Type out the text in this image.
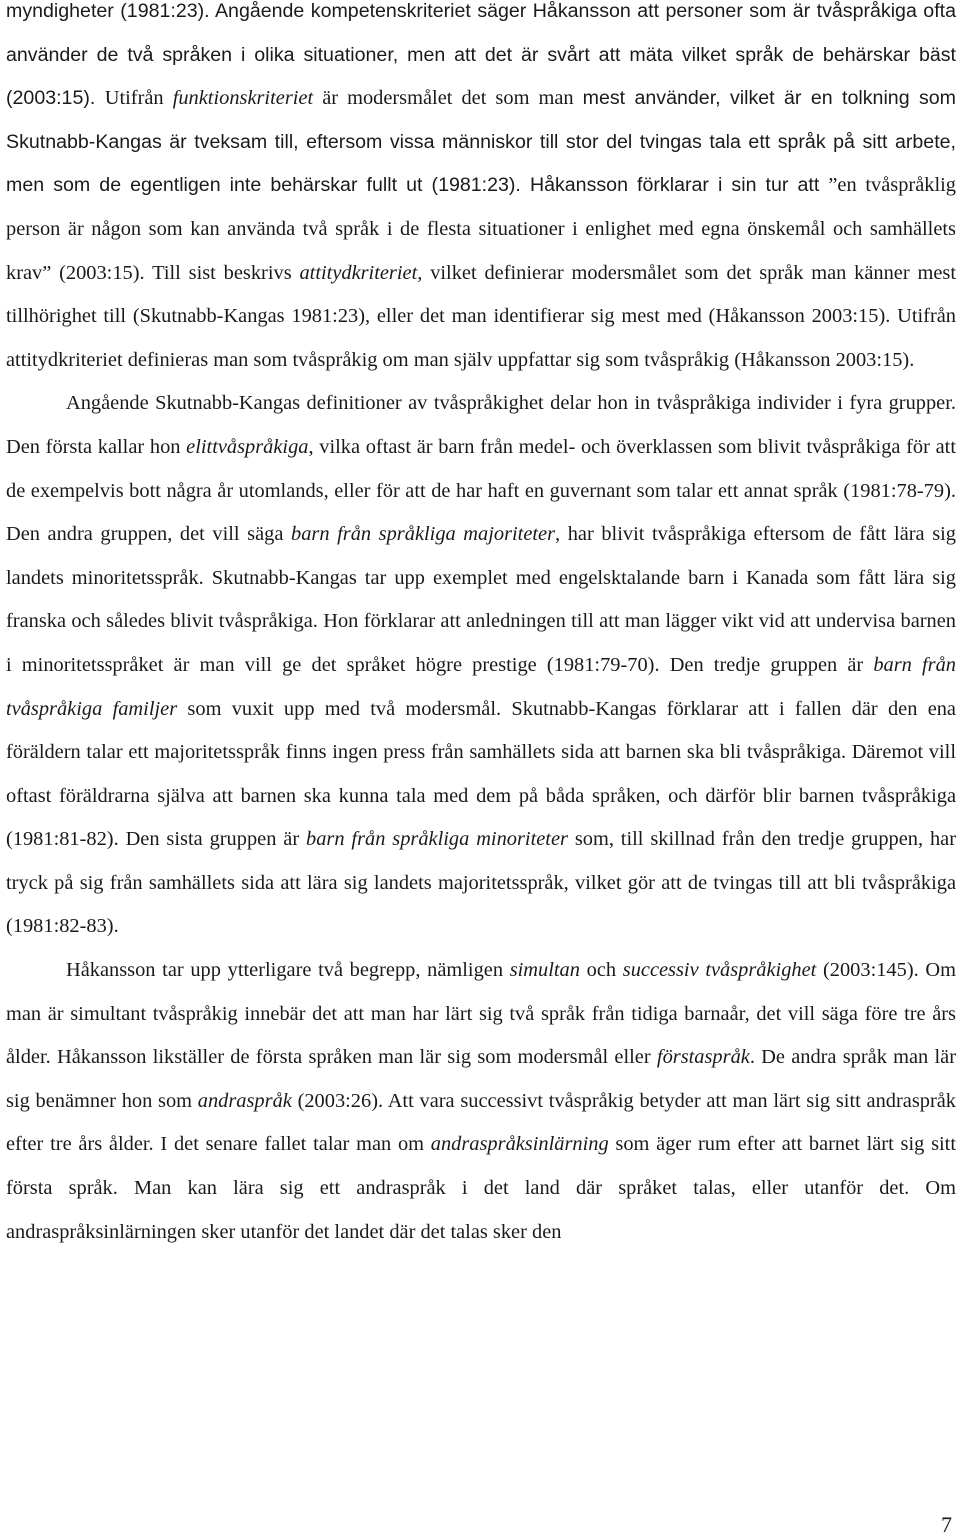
myndigheter (1981:23). Angående kompetenskriteriet säger Håkansson att personer som är tvåspråkiga ofta använder de två språken i olika situationer, men att det är svårt att mäta vilket språk de behärskar bäst (2003:15). Utifrån funktionskriteriet är modersmålet det som man mest använder, vilket är en tolkning som Skutnabb-Kangas är tveksam till, eftersom vissa människor till stor del tvingas tala ett språk på sitt arbete, men som de egentligen inte behärskar fullt ut (1981:23). Håkansson förklarar i sin tur att ”en tvåspråklig person är någon som kan använda två språk i de flesta situationer i enlighet med egna önskemål och samhällets krav” (2003:15). Till sist beskrivs attitydkriteriet, vilket definierar modersmålet som det språk man känner mest tillhörighet till (Skutnabb-Kangas 1981:23), eller det man identifierar sig mest med (Håkansson 2003:15). Utifrån attitydkriteriet definieras man som tvåspråkig om man själv uppfattar sig som tvåspråkig (Håkansson 2003:15).

Angående Skutnabb-Kangas definitioner av tvåspråkighet delar hon in tvåspråkiga individer i fyra grupper. Den första kallar hon elittvåspråkiga, vilka oftast är barn från medel- och överklassen som blivit tvåspråkiga för att de exempelvis bott några år utomlands, eller för att de har haft en guvernant som talar ett annat språk (1981:78-79). Den andra gruppen, det vill säga barn från språkliga majoriteter, har blivit tvåspråkiga eftersom de fått lära sig landets minoritetsspråk. Skutnabb-Kangas tar upp exemplet med engelsktalande barn i Kanada som fått lära sig franska och således blivit tvåspråkiga. Hon förklarar att anledningen till att man lägger vikt vid att undervisa barnen i minoritetsspråket är man vill ge det språket högre prestige (1981:79-70). Den tredje gruppen är barn från tvåspråkiga familjer som vuxit upp med två modersmål. Skutnabb-Kangas förklarar att i fallen där den ena föräldern talar ett majoritetsspråk finns ingen press från samhällets sida att barnen ska bli tvåspråkiga. Däremot vill oftast föräldrarna själva att barnen ska kunna tala med dem på båda språken, och därför blir barnen tvåspråkiga (1981:81-82). Den sista gruppen är barn från språkliga minoriteter som, till skillnad från den tredje gruppen, har tryck på sig från samhällets sida att lära sig landets majoritetsspråk, vilket gör att de tvingas till att bli tvåspråkiga (1981:82-83).

Håkansson tar upp ytterligare två begrepp, nämligen simultan och successiv tvåspråkighet (2003:145). Om man är simultant tvåspråkig innebär det att man har lärt sig två språk från tidiga barnaår, det vill säga före tre års ålder. Håkansson likställer de första språken man lär sig som modersmål eller förstaspråk. De andra språk man lär sig benämner hon som andraspråk (2003:26). Att vara successivt tvåspråkig betyder att man lärt sig sitt andraspråk efter tre års ålder. I det senare fallet talar man om andraspråksinlärning som äger rum efter att barnet lärt sig sitt första språk. Man kan lära sig ett andraspråk i det land där språket talas, eller utanför det. Om andraspråksinlärningen sker utanför det landet där det talas sker den

7
